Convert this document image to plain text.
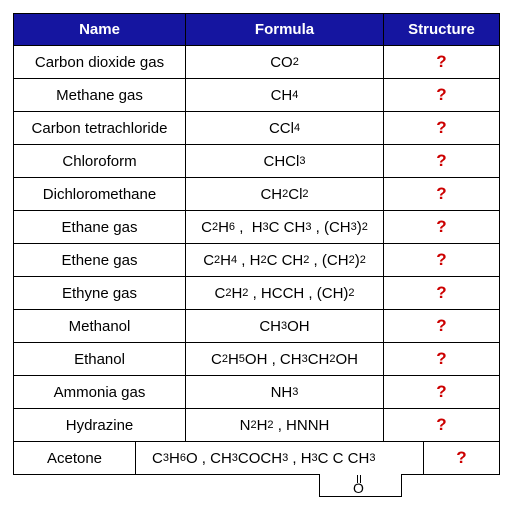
Name	Formula	Structure
Carbon dioxide gas	CO 2	?
Methane gas	CH 4	?
Carbon tetrachloride	CCl 4	?
Chloroform	CHCl 3	?
Dichloromethane	CH 2 Cl 2	?
Ethane gas	C 2 H 6 ,  H 3 C CH 3 , (CH 3 ) 2	?
Ethene gas	C 2 H 4 , H 2 C CH 2 , (CH 2 ) 2	?
Ethyne gas	C 2 H 2 , HCCH , (CH) 2	?
Methanol	CH 3 OH	?
Ethanol	C 2 H 5 OH , CH 3 CH 2 OH	?
Ammonia gas	NH 3	?
Hydrazine	N 2 H 2 , HNNH	?
Acetone	C 3 H 6 O , CH 3 COCH 3 , H 3 C C CH 3	?
O
